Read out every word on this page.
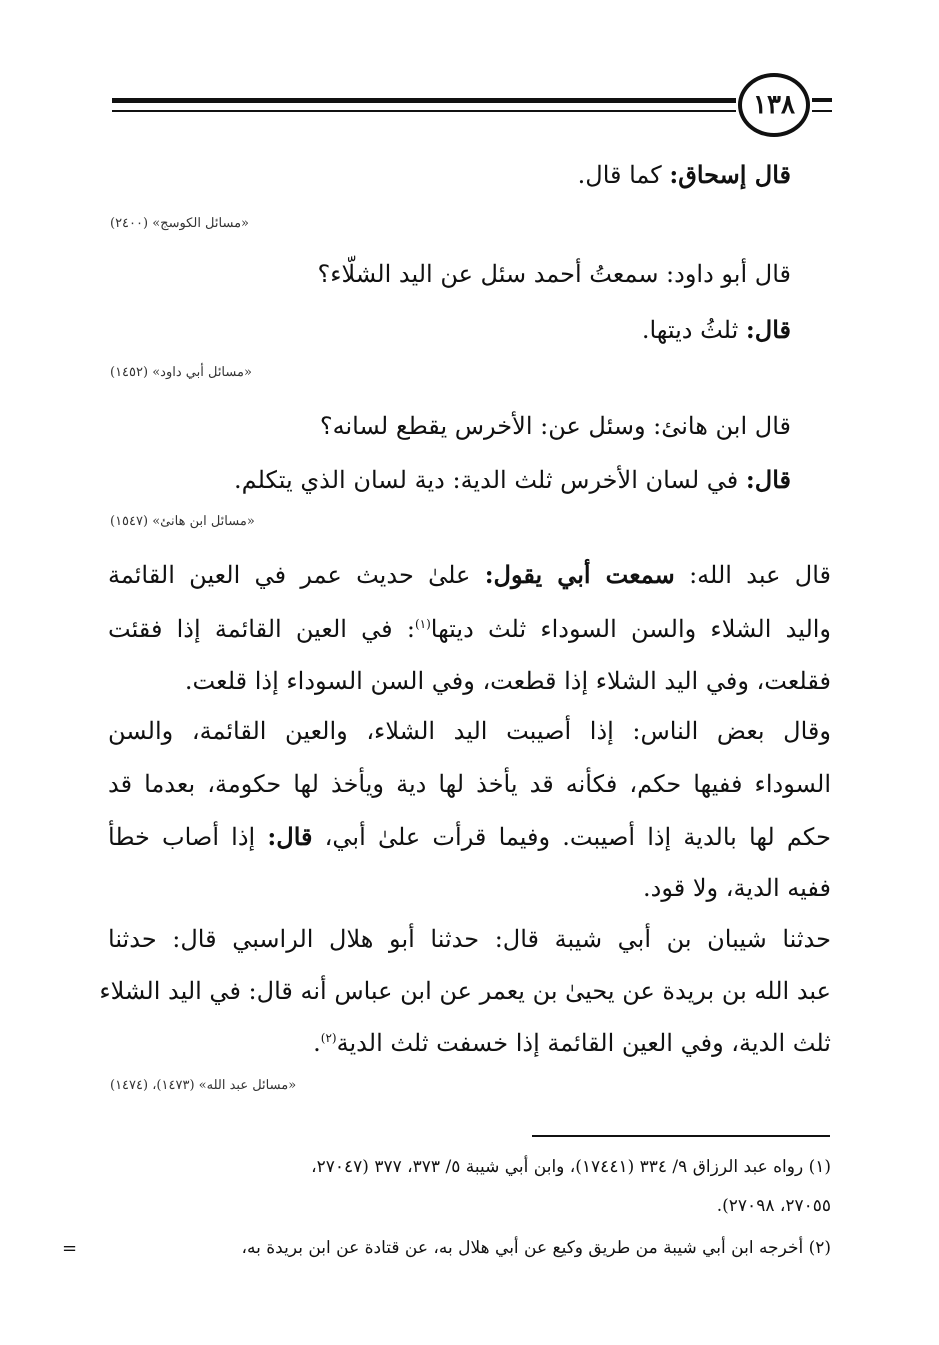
١٣٨
قال إسحاق: كما قال.
«مسائل الكوسج» (٢٤٠٠)
قال أبو داود: سمعتُ أحمد سئل عن اليد الشلّاء؟
قال: ثلثُ ديتها.
«مسائل أبي داود» (١٤٥٢)
قال ابن هانئ: وسئل عن: الأخرس يقطع لسانه؟
قال: في لسان الأخرس ثلث الدية: دية لسان الذي يتكلم.
«مسائل ابن هانئ» (١٥٤٧)
قال عبد الله: سمعت أبي يقول: علىٰ حديث عمر في العين القائمة
واليد الشلاء والسن السوداء ثلث ديتها$^{(١)}$: في العين القائمة إذا فقئت
فقلعت، وفي اليد الشلاء إذا قطعت، وفي السن السوداء إذا قلعت.
وقال بعض الناس: إذا أصيبت اليد الشلاء، والعين القائمة، والسن
السوداء ففيها حكم، فكأنه قد يأخذ لها دية ويأخذ لها حكومة، بعدما قد
حكم لها بالدية إذا أصيبت. وفيما قرأت علىٰ أبي، قال: إذا أصاب خطأ
ففيه الدية، ولا قود.
حدثنا شيبان بن أبي شيبة قال: حدثنا أبو هلال الراسبي قال: حدثنا
عبد الله بن بريدة عن يحيىٰ بن يعمر عن ابن عباس أنه قال: في اليد الشلاء
ثلث الدية، وفي العين القائمة إذا خسفت ثلث الدية$^{(٢)}$.
«مسائل عبد الله» (١٤٧٣)، (١٤٧٤)
(١) رواه عبد الرزاق ٩/ ٣٣٤ (١٧٤٤١)، وابن أبي شيبة ٥/ ٣٧٣، ٣٧٧ (٢٧٠٤٧،
٢٧٠٥٥، ٢٧٠٩٨).
(٢) أخرجه ابن أبي شيبة من طريق وكيع عن أبي هلال به، عن قتادة عن ابن بريدة به،
=
